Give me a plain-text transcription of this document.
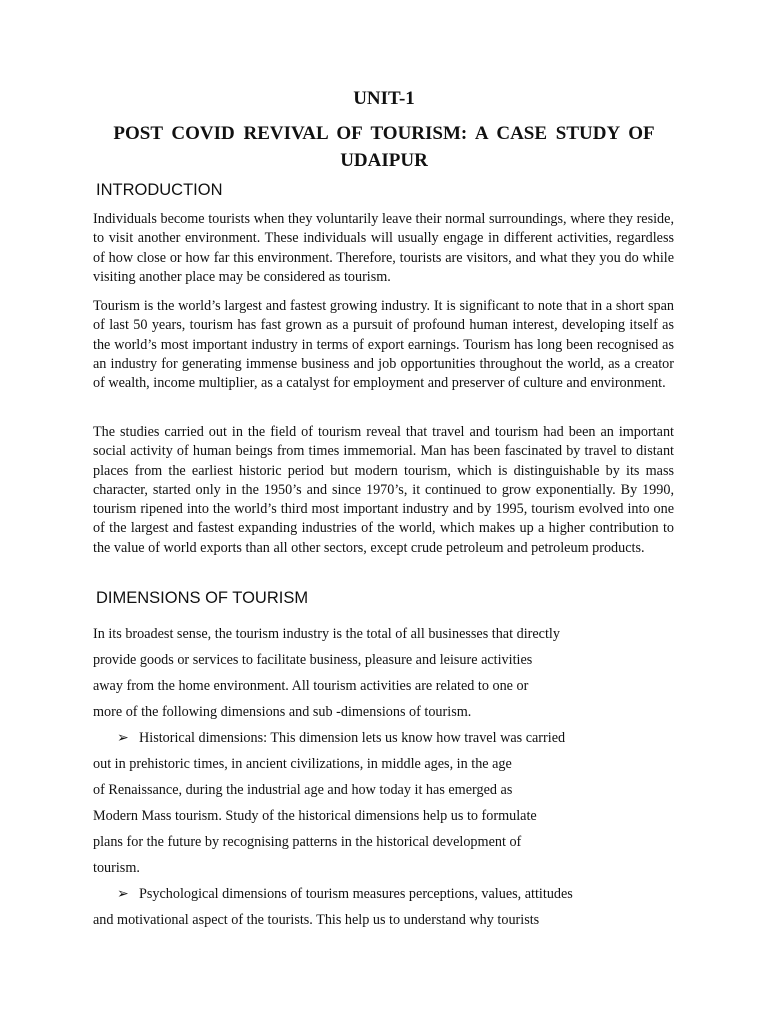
UNIT-1
POST COVID REVIVAL OF TOURISM: A CASE STUDY OF UDAIPUR
INTRODUCTION

Individuals become tourists when they voluntarily leave their normal surroundings, where they reside, to visit another environment. These individuals will usually engage in different activities, regardless of how close or how far this environment. Therefore, tourists are visitors, and what they you do while visiting another place may be considered as tourism.

Tourism is the world’s largest and fastest growing industry. It is significant to note that in a short span of last 50 years, tourism has fast grown as a pursuit of profound human interest, developing itself as the world’s most important industry in terms of export earnings. Tourism has long been recognised as an industry for generating immense business and job opportunities throughout the world, as a creator of wealth, income multiplier, as a catalyst for employment and preserver of culture and environment.

The studies carried out in the field of tourism reveal that travel and tourism had been an important social activity of human beings from times immemorial. Man has been fascinated by travel to distant places from the earliest historic period but modern tourism, which is distinguishable by its mass character, started only in the 1950’s and since 1970’s, it continued to grow exponentially. By 1990, tourism ripened into the world’s third most important industry and by 1995, tourism evolved into one of the largest and fastest expanding industries of the world, which makes up a higher contribution to the value of world exports than all other sectors, except crude petroleum and petroleum products.

DIMENSIONS OF TOURISM
In its broadest sense, the tourism industry is the total of all businesses that directly
provide goods or services to facilitate business, pleasure and leisure activities
away from the home environment. All tourism activities are related to one or
more of the following dimensions and sub -dimensions of tourism.
➢ Historical dimensions: This dimension lets us know how travel was carried
out in prehistoric times, in ancient civilizations, in middle ages, in the age
of Renaissance, during the industrial age and how today it has emerged as
Modern Mass tourism. Study of the historical dimensions help us to formulate
plans for the future by recognising patterns in the historical development of
tourism.
➢ Psychological dimensions of tourism measures perceptions, values, attitudes
and motivational aspect of the tourists. This help us to understand why tourists
